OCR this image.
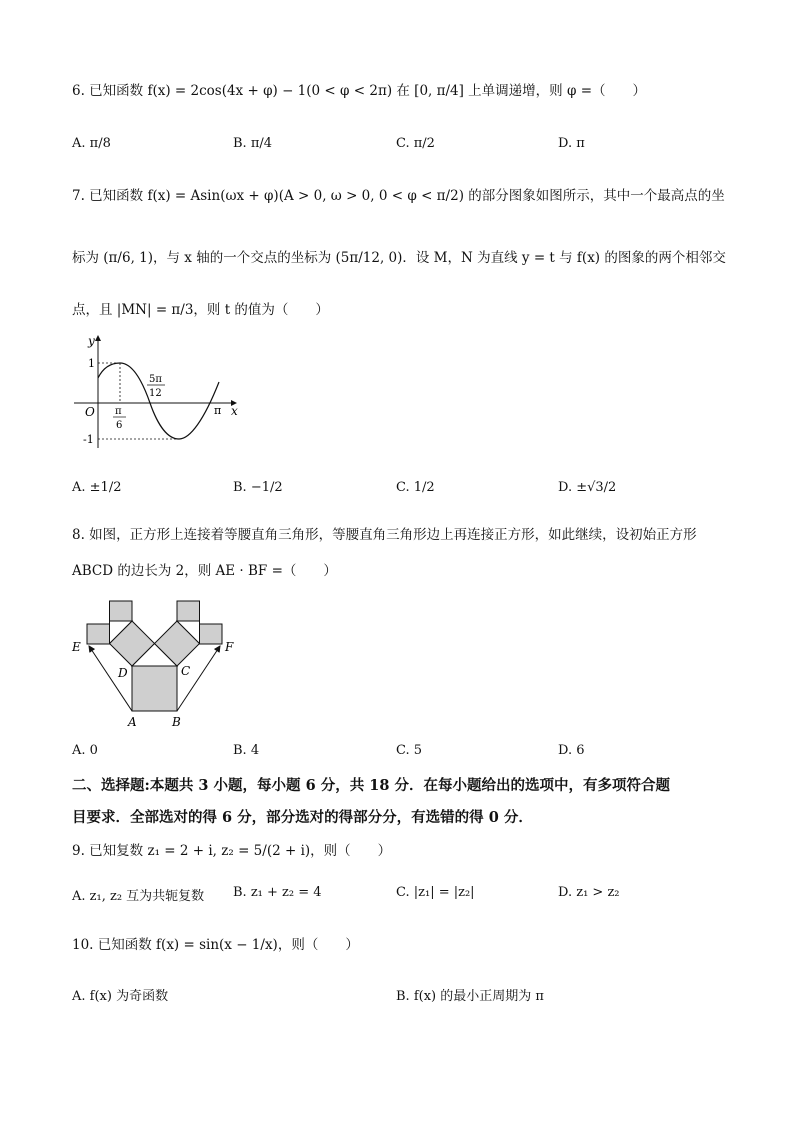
6. 已知函数 f(x) = 2cos(4x + φ) − 1(0 < φ < 2π) 在 [0, π/4] 上单调递增，则 φ =（　　）
A. π/8	B. π/4	C. π/2	D. π
7. 已知函数 f(x) = Asin(ωx + φ)(A > 0, ω > 0, 0 < φ < π/2) 的部分图象如图所示，其中一个最高点的坐
标为 (π/6, 1)，与 x 轴的一个交点的坐标为 (5π/12, 0)．设 M，N 为直线 y = t 与 f(x) 的图象的两个相邻交
点，且 |MN| = π/3，则 t 的值为（　　）
y
x
O
1
-1
π
6
5π
12
π
A. ±1/2	B. −1/2	C. 1/2	D. ±√3/2
8. 如图，正方形上连接着等腰直角三角形，等腰直角三角形边上再连接正方形，如此继续，设初始正方形
ABCD 的边长为 2，则 AE · BF =（　　）
A	B
C
D
E	F
A. 0	B. 4	C. 5	D. 6
二、选择题:本题共 3 小题，每小题 6 分，共 18 分．在每小题给出的选项中，有多项符合题
目要求．全部选对的得 6 分，部分选对的得部分分，有选错的得 0 分．
9. 已知复数 z₁ = 2 + i, z₂ = 5/(2 + i)，则（　　）
A. z₁, z₂ 互为共轭复数 B. z₁ + z₂ = 4	C. |z₁| = |z₂|	D. z₁ > z₂
10. 已知函数 f(x) = sin(x − 1/x)，则（　　）
A. f(x) 为奇函数	B. f(x) 的最小正周期为 π
